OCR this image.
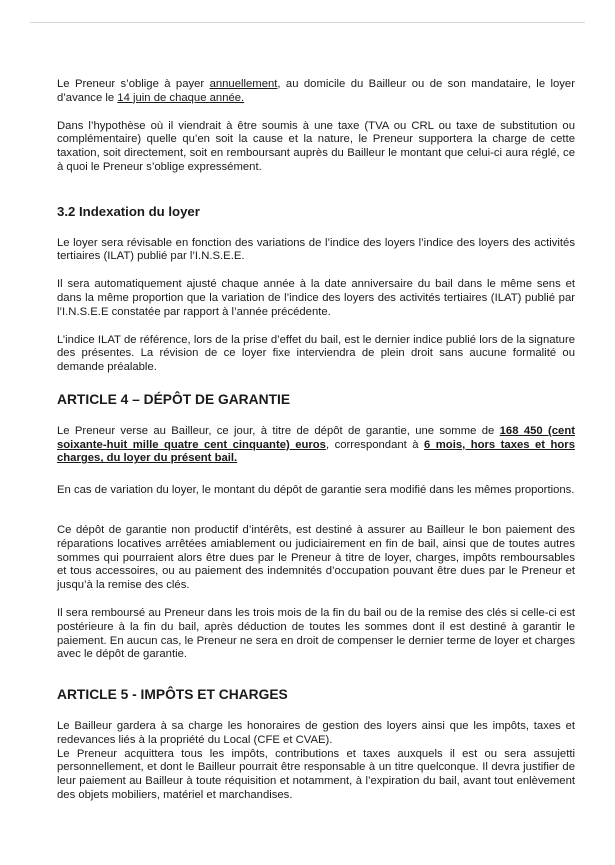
Le Preneur s’oblige à payer annuellement, au domicile du Bailleur ou de son mandataire, le loyer d’avance le 14 juin de chaque année.

Dans l’hypothèse où il viendrait à être soumis à une taxe (TVA ou CRL ou taxe de substitution ou complémentaire) quelle qu’en soit la cause et la nature, le Preneur supportera la charge de cette taxation, soit directement, soit en remboursant auprès du Bailleur le montant que celui-ci aura réglé, ce à quoi le Preneur s’oblige expressément.

3.2 Indexation du loyer

Le loyer sera révisable en fonction des variations de l’indice des loyers l’indice des loyers des activités tertiaires (ILAT) publié par l’I.N.S.E.E.

Il sera automatiquement ajusté chaque année à la date anniversaire du bail dans le même sens et dans la même proportion que la variation de l’indice des loyers des activités tertiaires (ILAT) publié par l’I.N.S.E.E constatée par rapport à l’année précédente.

L’indice ILAT de référence, lors de la prise d’effet du bail, est le dernier indice publié lors de la signature des présentes. La révision de ce loyer fixe interviendra de plein droit sans aucune formalité ou demande préalable.

ARTICLE 4 – DÉPÔT DE GARANTIE

Le Preneur verse au Bailleur, ce jour, à titre de dépôt de garantie, une somme de 168 450 (cent soixante-huit mille quatre cent cinquante) euros, correspondant à 6 mois, hors taxes et hors charges, du loyer du présent bail.

En cas de variation du loyer, le montant du dépôt de garantie sera modifié dans les mêmes proportions.

Ce dépôt de garantie non productif d’intérêts, est destiné à assurer au Bailleur le bon paiement des réparations locatives arrêtées amiablement ou judiciairement en fin de bail, ainsi que de toutes autres sommes qui pourraient alors être dues par le Preneur à titre de loyer, charges, impôts remboursables et tous accessoires, ou au paiement des indemnités d’occupation pouvant être dues par le Preneur et jusqu’à la remise des clés.

Il sera remboursé au Preneur dans les trois mois de la fin du bail ou de la remise des clés si celle-ci est postérieure à la fin du bail, après déduction de toutes les sommes dont il est destiné à garantir le paiement. En aucun cas, le Preneur ne sera en droit de compenser le dernier terme de loyer et charges avec le dépôt de garantie.

ARTICLE 5 - IMPÔTS ET CHARGES

Le Bailleur gardera à sa charge les honoraires de gestion des loyers ainsi que les impôts, taxes et redevances liés à la propriété du Local (CFE et CVAE).

Le Preneur acquittera tous les impôts, contributions et taxes auxquels il est ou sera assujetti personnellement, et dont le Bailleur pourrait être responsable à un titre quelconque. Il devra justifier de leur paiement au Bailleur à toute réquisition et notamment, à l’expiration du bail, avant tout enlèvement des objets mobiliers, matériel et marchandises.
